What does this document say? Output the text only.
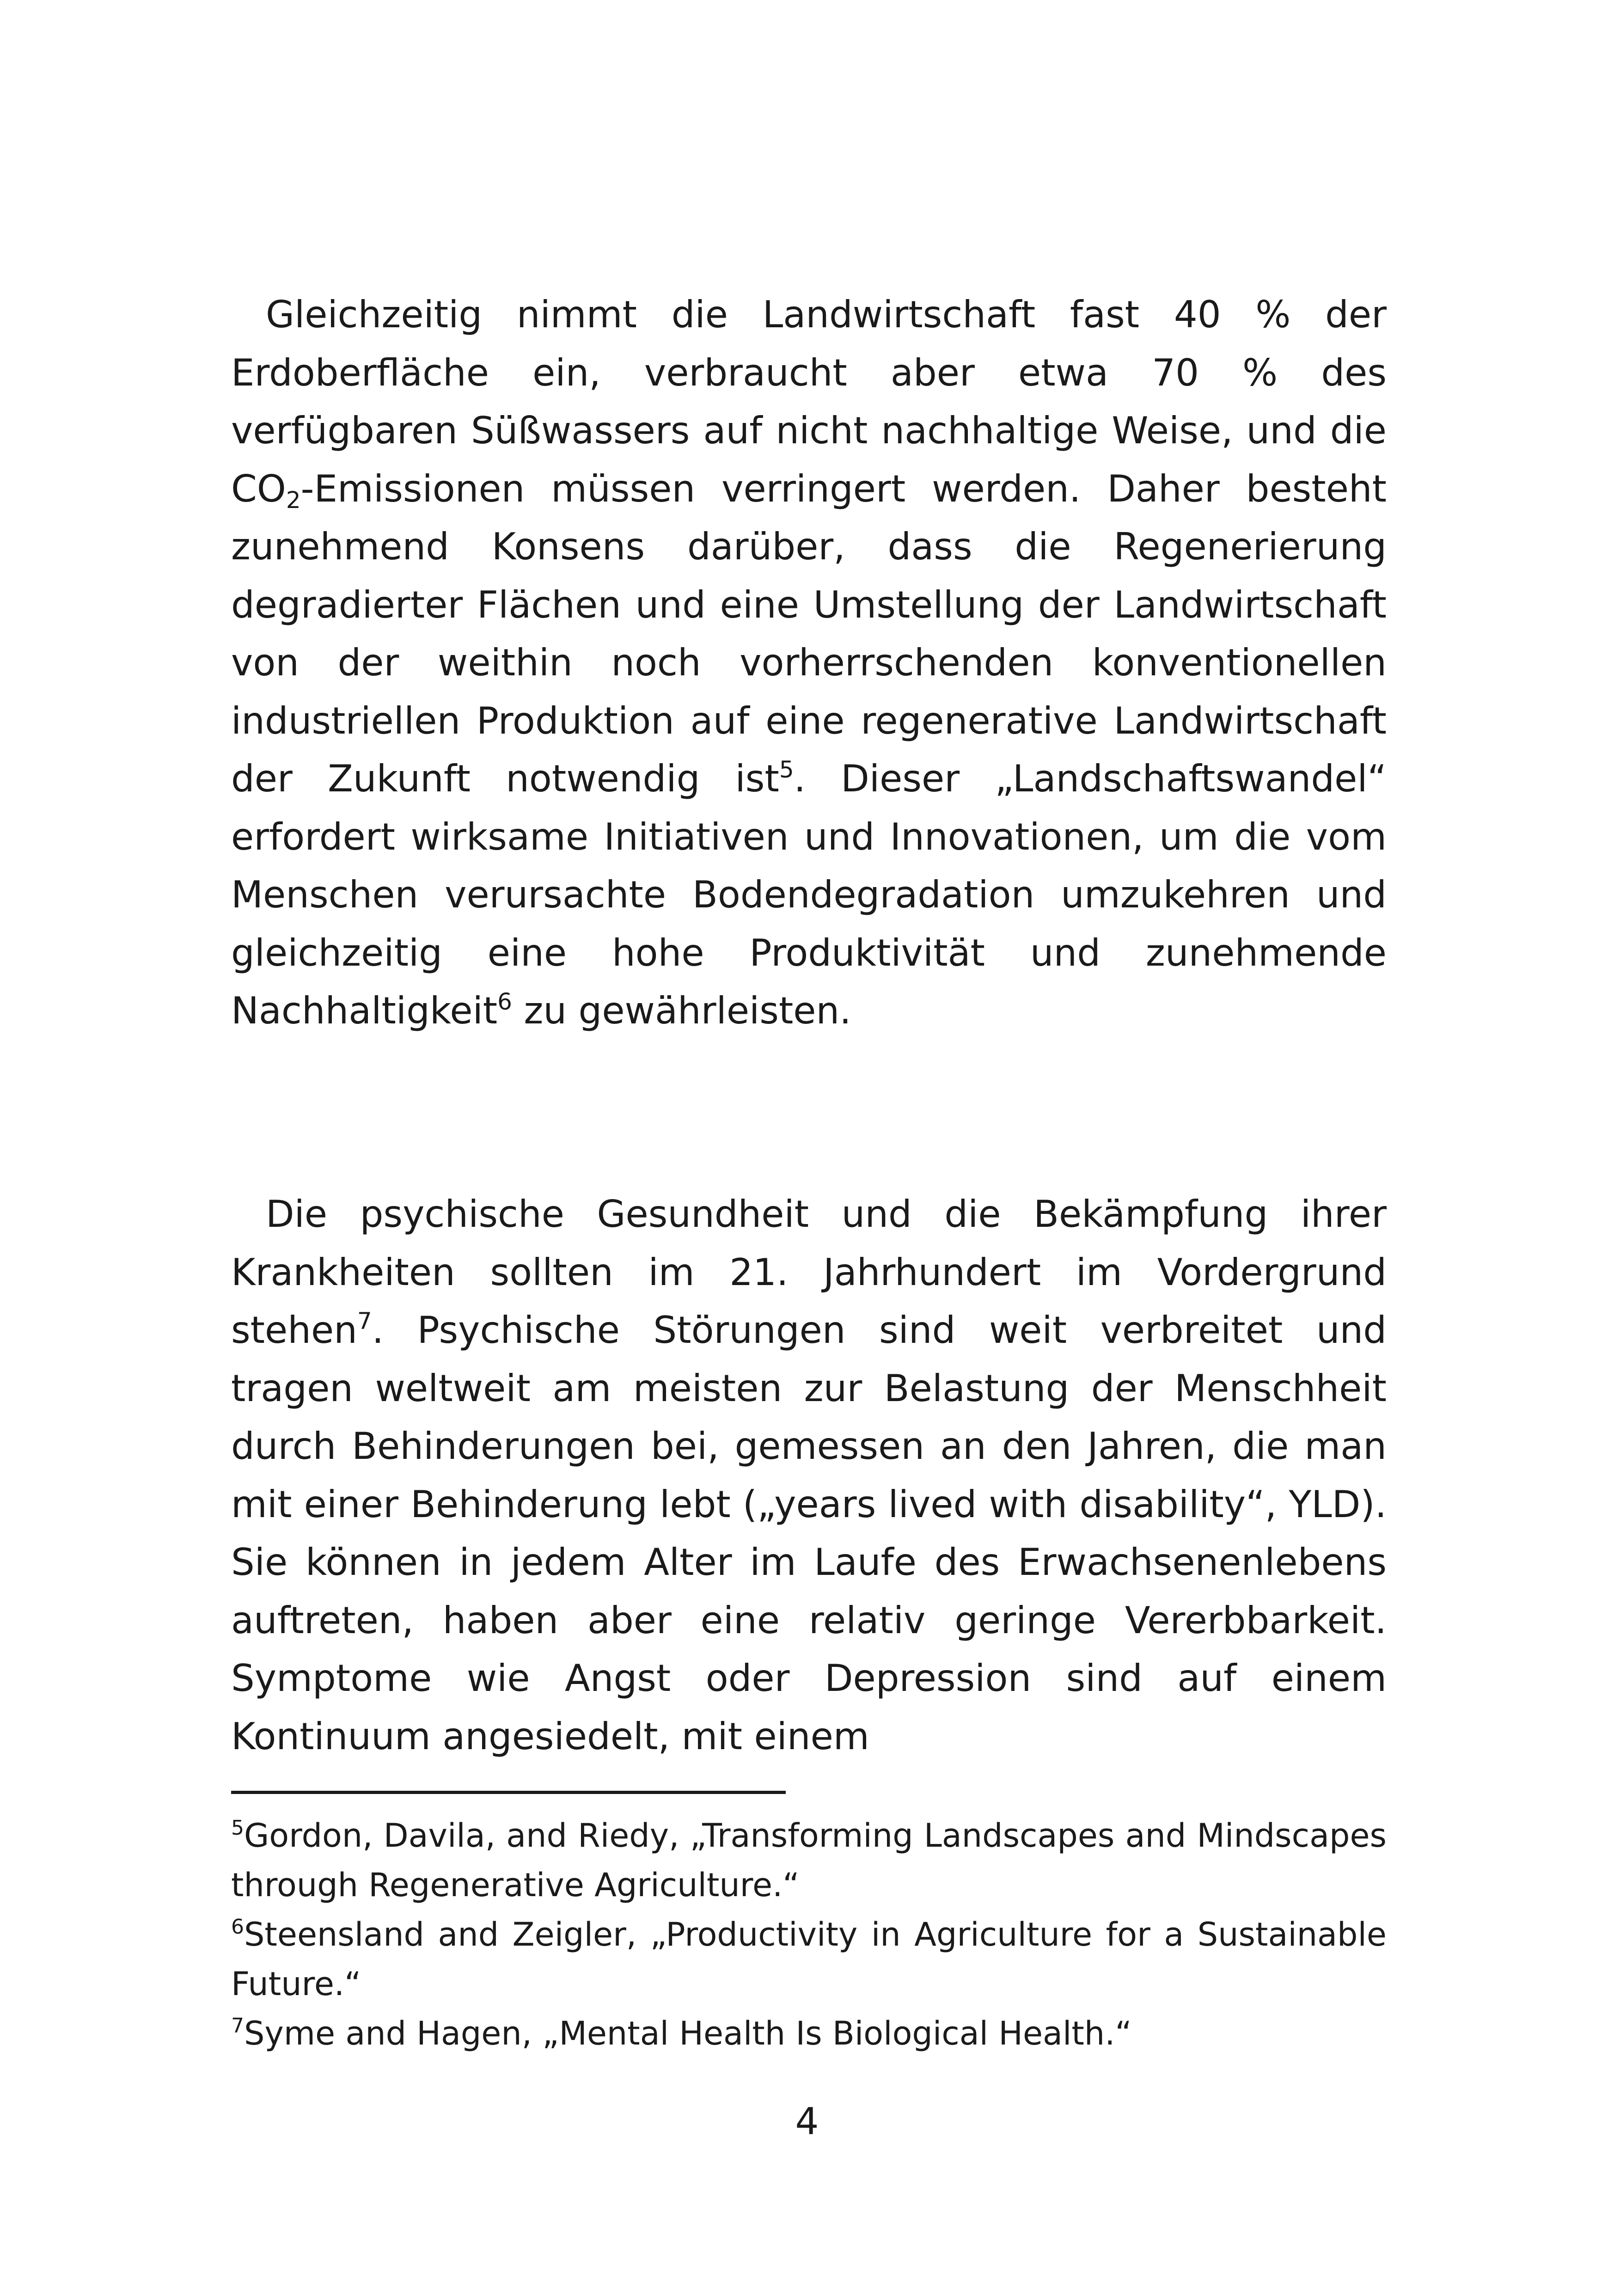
Gleichzeitig nimmt die Landwirtschaft fast 40 % der Erdoberfläche ein, verbraucht aber etwa 70 % des verfügbaren Süßwassers auf nicht nachhaltige Weise, und die $CO_2$-Emissionen müssen verringert werden. Daher besteht zunehmend Konsens darüber, dass die Regenerierung degradierter Flächen und eine Umstellung der Landwirtschaft von der weithin noch vorherrschenden konventionellen industriellen Produktion auf eine regenerative Landwirtschaft der Zukunft notwendig ist$^5$. Dieser „Landschaftswandel“ erfordert wirksame Initiativen und Innovationen, um die vom Menschen verursachte Bodendegradation umzukehren und gleichzeitig eine hohe Produktivität und zunehmende Nachhaltigkeit$^6$ zu gewährleisten.

Die psychische Gesundheit und die Bekämpfung ihrer Krankheiten sollten im 21. Jahrhundert im Vordergrund stehen$^7$. Psychische Störungen sind weit verbreitet und tragen weltweit am meisten zur Belastung der Menschheit durch Behinderungen bei, gemessen an den Jahren, die man mit einer Behinderung lebt („years lived with disability“, YLD). Sie können in jedem Alter im Laufe des Erwachsenenlebens auftreten, haben aber eine relativ geringe Vererbbarkeit. Symptome wie Angst oder Depression sind auf einem Kontinuum angesiedelt, mit einem

$^5$Gordon, Davila, and Riedy, „Transforming Landscapes and Mindscapes through Regenerative Agriculture.“

$^6$Steensland and Zeigler, „Productivity in Agriculture for a Sustainable Future.“

$^7$Syme and Hagen, „Mental Health Is Biological Health.“

4
